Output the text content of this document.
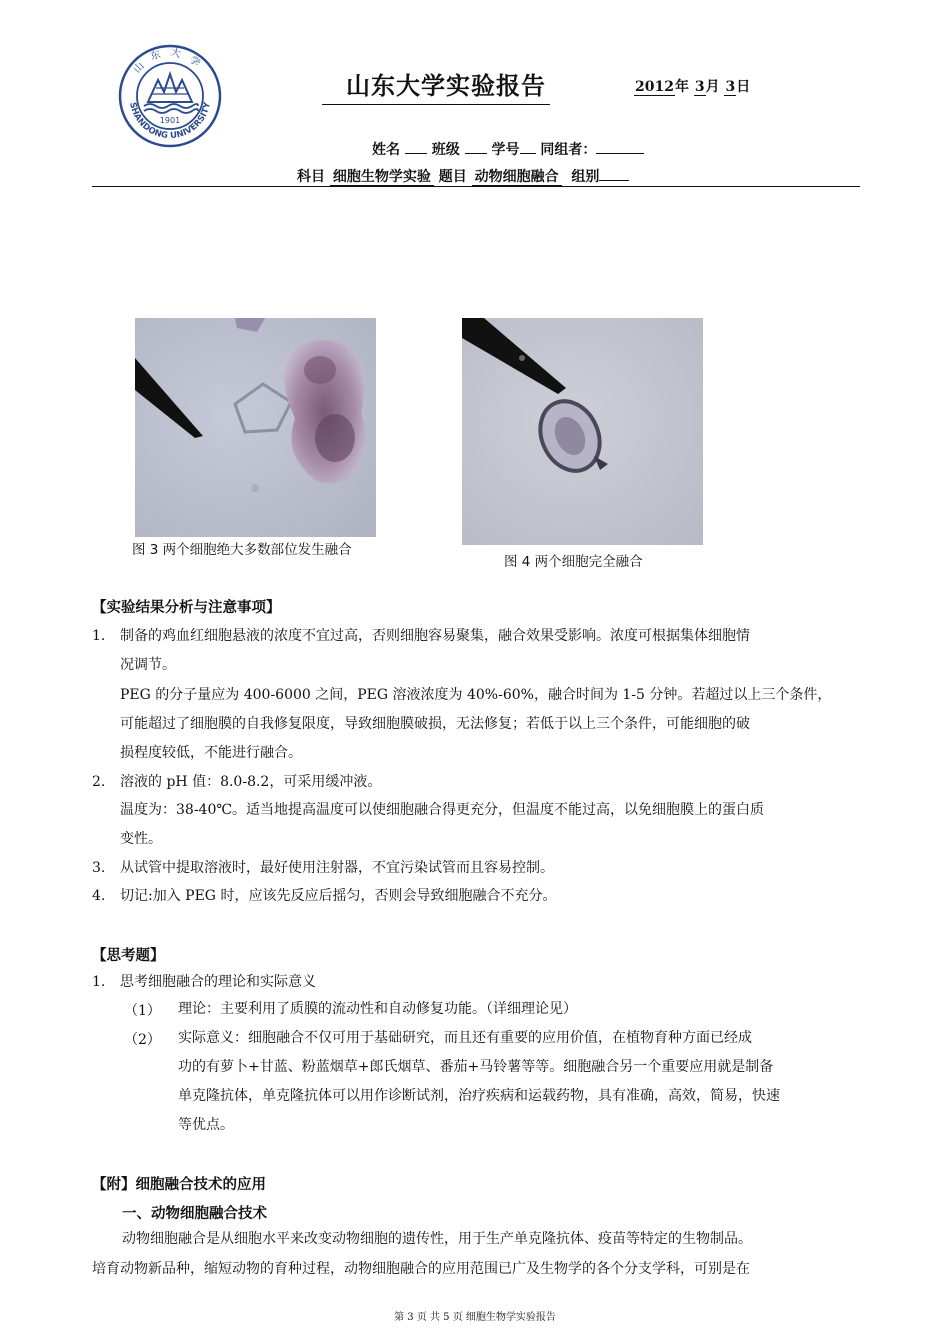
1901
SHANDONG UNIVERSITY
山东大学
山东大学实验报告	2012年 3月 3日
姓名 班级 学号 同组者：
科目 细胞生物学实验 题目 动物细胞融合 组别
图 3 两个细胞绝大多数部位发生融合
图 4 两个细胞完全融合
【实验结果分析与注意事项】
1. 制备的鸡血红细胞悬液的浓度不宜过高，否则细胞容易聚集，融合效果受影响。浓度可根据集体细胞情
况调节。
PEG 的分子量应为 400-6000 之间，PEG 溶液浓度为 40%-60%，融合时间为 1-5 分钟。若超过以上三个条件，
可能超过了细胞膜的自我修复限度，导致细胞膜破损，无法修复；若低于以上三个条件，可能细胞的破
损程度较低，不能进行融合。
2. 溶液的 pH 值：8.0-8.2，可采用缓冲液。
温度为：38-40℃。适当地提高温度可以使细胞融合得更充分，但温度不能过高，以免细胞膜上的蛋白质
变性。
3. 从试管中提取溶液时，最好使用注射器，不宜污染试管而且容易控制。
4. 切记:加入 PEG 时，应该先反应后摇匀，否则会导致细胞融合不充分。
【思考题】
1. 思考细胞融合的理论和实际意义
（1） 理论：主要利用了质膜的流动性和自动修复功能。（详细理论见）
（2） 实际意义：细胞融合不仅可用于基础研究，而且还有重要的应用价值，在植物育种方面已经成
功的有萝卜+甘蓝、粉蓝烟草+郎氏烟草、番茄+马铃薯等等。细胞融合另一个重要应用就是制备
单克隆抗体，单克隆抗体可以用作诊断试剂，治疗疾病和运载药物，具有准确，高效，简易，快速
等优点。
【附】细胞融合技术的应用
一、动物细胞融合技术
动物细胞融合是从细胞水平来改变动物细胞的遗传性，用于生产单克隆抗体、疫苗等特定的生物制品。
培育动物新品种，缩短动物的育种过程，动物细胞融合的应用范围已广及生物学的各个分支学科，可别是在
第 3 页 共 5 页 细胞生物学实验报告
